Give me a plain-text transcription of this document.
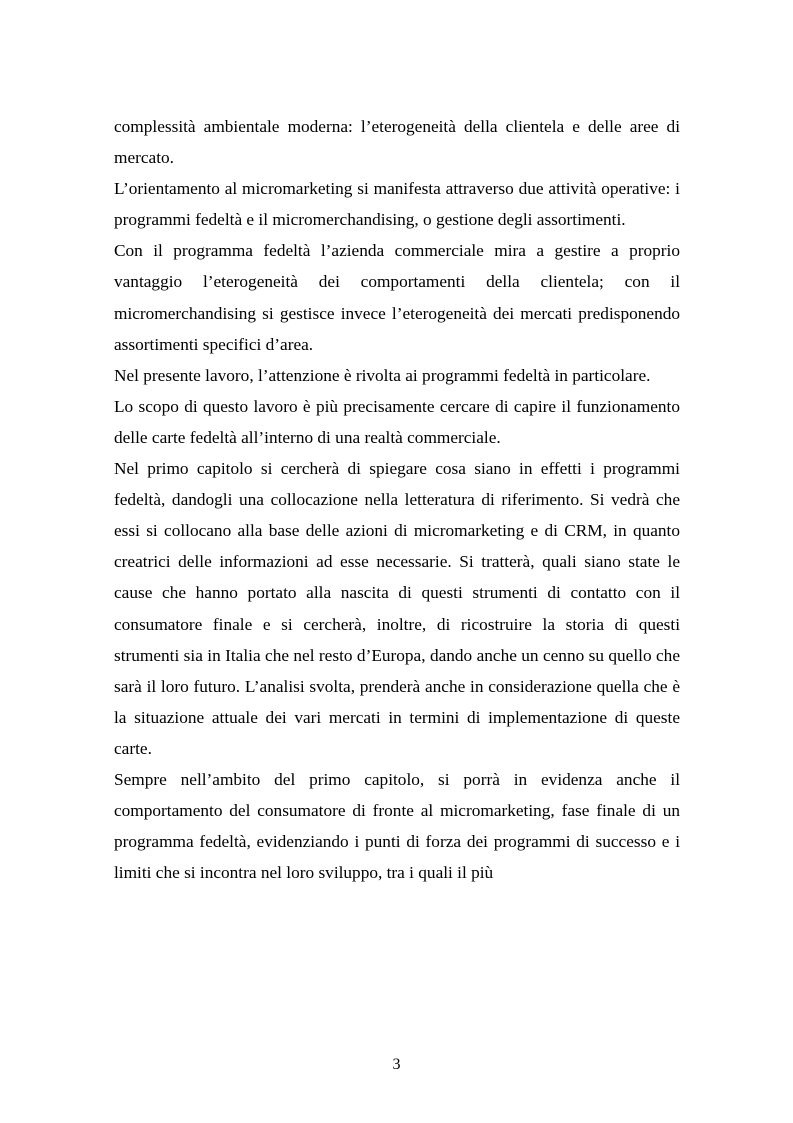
complessità ambientale moderna: l’eterogeneità della clientela e delle aree di mercato.

L’orientamento al micromarketing si manifesta attraverso due attività operative: i programmi fedeltà e il micromerchandising, o gestione degli assortimenti.

Con il programma fedeltà l’azienda commerciale mira a gestire a proprio vantaggio l’eterogeneità dei comportamenti della clientela; con il micromerchandising si gestisce invece l’eterogeneità dei mercati predisponendo assortimenti specifici d’area.

Nel presente lavoro, l’attenzione è rivolta ai programmi fedeltà in particolare.

Lo scopo di questo lavoro è più precisamente cercare di capire il funzionamento delle carte fedeltà all’interno di una realtà commerciale.

Nel primo capitolo si cercherà di spiegare cosa siano in effetti i programmi fedeltà, dandogli una collocazione nella letteratura di riferimento. Si vedrà che essi si collocano alla base delle azioni di micromarketing e di CRM, in quanto creatrici delle informazioni ad esse necessarie. Si tratterà, quali siano state le cause che hanno portato alla nascita di questi strumenti di contatto con il consumatore finale e si cercherà, inoltre, di ricostruire la storia di questi strumenti sia in Italia che nel resto d’Europa, dando anche un cenno su quello che sarà il loro futuro. L’analisi svolta, prenderà anche in considerazione quella che è la situazione attuale dei vari mercati in termini di implementazione di queste carte.

Sempre nell’ambito del primo capitolo, si porrà in evidenza anche il comportamento del consumatore di fronte al micromarketing, fase finale di un programma fedeltà, evidenziando i punti di forza dei programmi di successo e i limiti che si incontra nel loro sviluppo, tra i quali il più

3
